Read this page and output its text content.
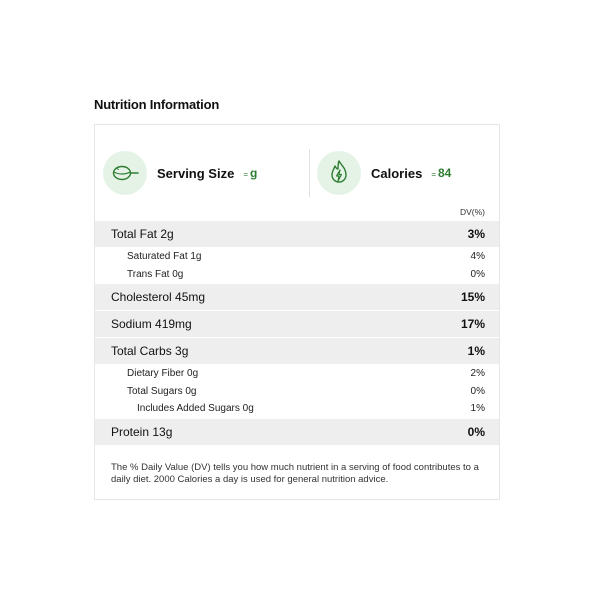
Nutrition Information
Serving Size = g	Calories = 84
DV(%)
Total Fat 2g	3%
Saturated Fat 1g	4%
Trans Fat 0g	0%
Cholesterol 45mg	15%
Sodium 419mg	17%
Total Carbs 3g	1%
Dietary Fiber 0g	2%
Total Sugars 0g	0%
Includes Added Sugars 0g	1%
Protein 13g	0%
The % Daily Value (DV) tells you how much nutrient in a serving of food contributes to a daily diet. 2000 Calories a day is used for general nutrition advice.
